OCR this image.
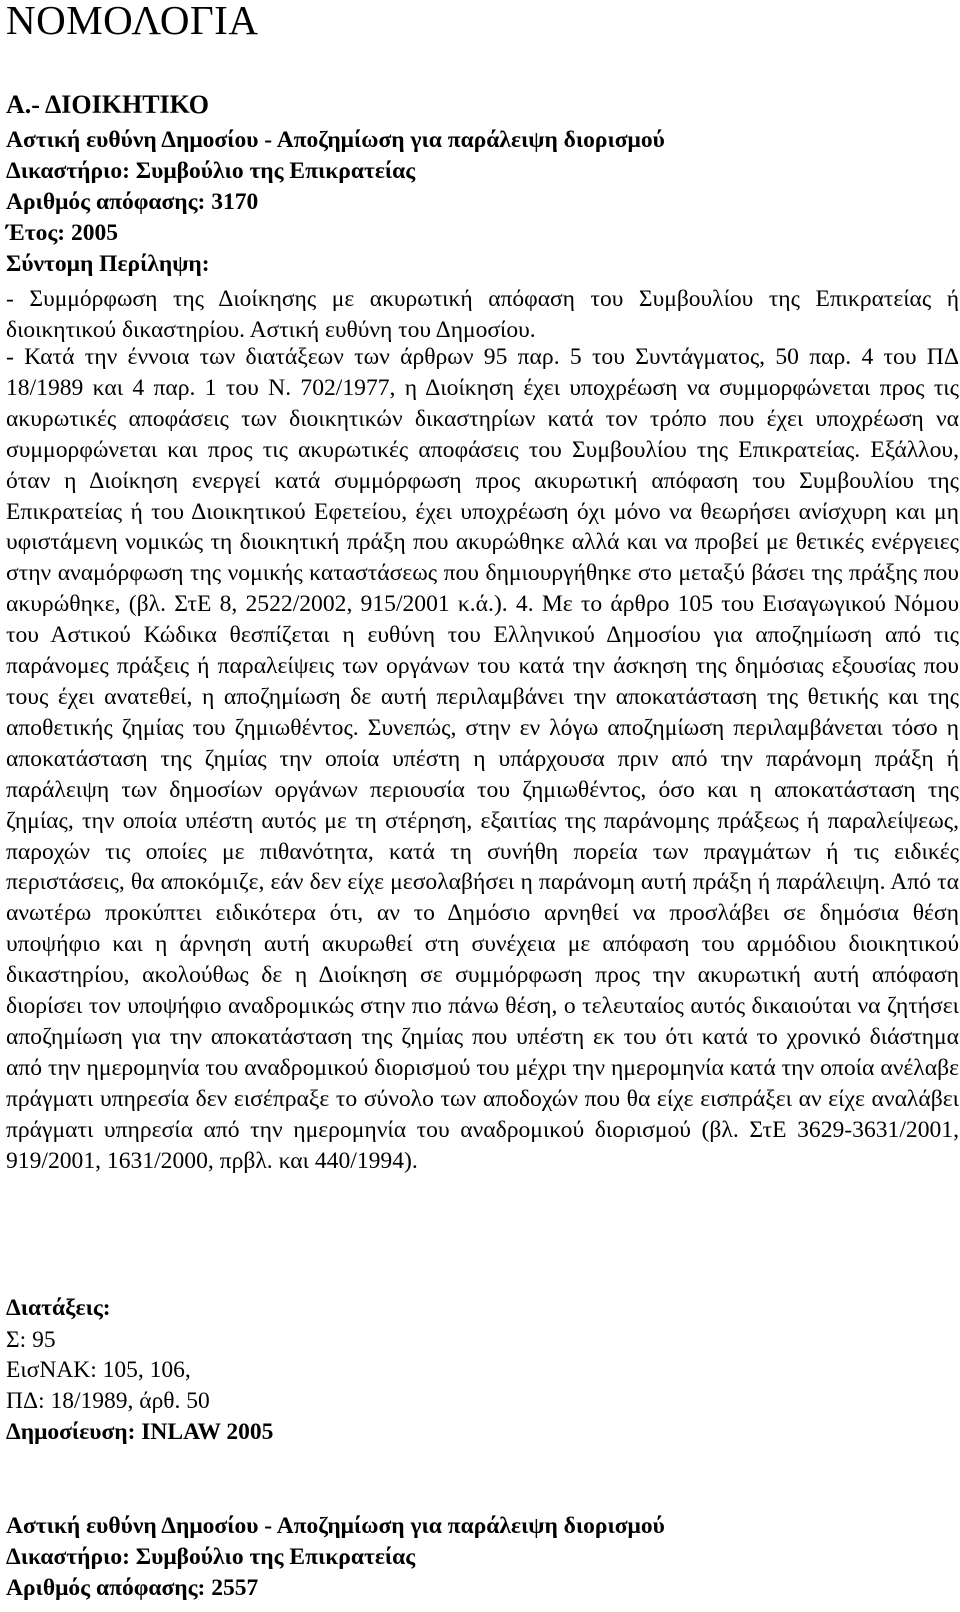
ΝΟΜΟΛΟΓΙΑ
Α.- ΔΙΟΙΚΗΤΙΚΟ
Αστική ευθύνη Δημοσίου - Αποζημίωση για παράλειψη διορισμού
Δικαστήριο: Συμβούλιο της Επικρατείας
Αριθμός απόφασης: 3170
Έτος: 2005
Σύντομη Περίληψη:

- Συμμόρφωση της Διοίκησης με ακυρωτική απόφαση του Συμβουλίου της Επικρατείας ή διοικητικού δικαστηρίου. Αστική ευθύνη του Δημοσίου.

- Κατά την έννοια των διατάξεων των άρθρων 95 παρ. 5 του Συντάγματος, 50 παρ. 4 του ΠΔ 18/1989 και 4 παρ. 1 του Ν. 702/1977, η Διοίκηση έχει υποχρέωση να συμμορφώνεται προς τις ακυρωτικές αποφάσεις των διοικητικών δικαστηρίων κατά τον τρόπο που έχει υποχρέωση να συμμορφώνεται και προς τις ακυρωτικές αποφάσεις του Συμβουλίου της Επικρατείας. Εξάλλου, όταν η Διοίκηση ενεργεί κατά συμμόρφωση προς ακυρωτική απόφαση του Συμβουλίου της Επικρατείας ή του Διοικητικού Εφετείου, έχει υποχρέωση όχι μόνο να θεωρήσει ανίσχυρη και μη υφιστάμενη νομικώς τη διοικητική πράξη που ακυρώθηκε αλλά και να προβεί με θετικές ενέργειες στην αναμόρφωση της νομικής καταστάσεως που δημιουργήθηκε στο μεταξύ βάσει της πράξης που ακυρώθηκε, (βλ. ΣτΕ 8, 2522/2002, 915/2001 κ.ά.). 4. Με το άρθρο 105 του Εισαγωγικού Νόμου του Αστικού Κώδικα θεσπίζεται η ευθύνη του Ελληνικού Δημοσίου για αποζημίωση από τις παράνομες πράξεις ή παραλείψεις των οργάνων του κατά την άσκηση της δημόσιας εξουσίας που τους έχει ανατεθεί, η αποζημίωση δε αυτή περιλαμβάνει την αποκατάσταση της θετικής και της αποθετικής ζημίας του ζημιωθέντος. Συνεπώς, στην εν λόγω αποζημίωση περιλαμβάνεται τόσο η αποκατάσταση της ζημίας την οποία υπέστη η υπάρχουσα πριν από την παράνομη πράξη ή παράλειψη των δημοσίων οργάνων περιουσία του ζημιωθέντος, όσο και η αποκατάσταση της ζημίας, την οποία υπέστη αυτός με τη στέρηση, εξαιτίας της παράνομης πράξεως ή παραλείψεως, παροχών τις οποίες με πιθανότητα, κατά τη συνήθη πορεία των πραγμάτων ή τις ειδικές περιστάσεις, θα αποκόμιζε, εάν δεν είχε μεσολαβήσει η παράνομη αυτή πράξη ή παράλειψη. Από τα ανωτέρω προκύπτει ειδικότερα ότι, αν το Δημόσιο αρνηθεί να προσλάβει σε δημόσια θέση υποψήφιο και η άρνηση αυτή ακυρωθεί στη συνέχεια με απόφαση του αρμόδιου διοικητικού δικαστηρίου, ακολούθως δε η Διοίκηση σε συμμόρφωση προς την ακυρωτική αυτή απόφαση διορίσει τον υποψήφιο αναδρομικώς στην πιο πάνω θέση, ο τελευταίος αυτός δικαιούται να ζητήσει αποζημίωση για την αποκατάσταση της ζημίας που υπέστη εκ του ότι κατά το χρονικό διάστημα από την ημερομηνία του αναδρομικού διορισμού του μέχρι την ημερομηνία κατά την οποία ανέλαβε πράγματι υπηρεσία δεν εισέπραξε το σύνολο των αποδοχών που θα είχε εισπράξει αν είχε αναλάβει πράγματι υπηρεσία από την ημερομηνία του αναδρομικού διορισμού (βλ. ΣτΕ 3629-3631/2001, 919/2001, 1631/2000, πρβλ. και 440/1994).

Διατάξεις:
Σ: 95
ΕισΝΑΚ: 105, 106,
ΠΔ: 18/1989, άρθ. 50
Δημοσίευση: INLAW 2005
Αστική ευθύνη Δημοσίου - Αποζημίωση για παράλειψη διορισμού
Δικαστήριο: Συμβούλιο της Επικρατείας
Αριθμός απόφασης: 2557
